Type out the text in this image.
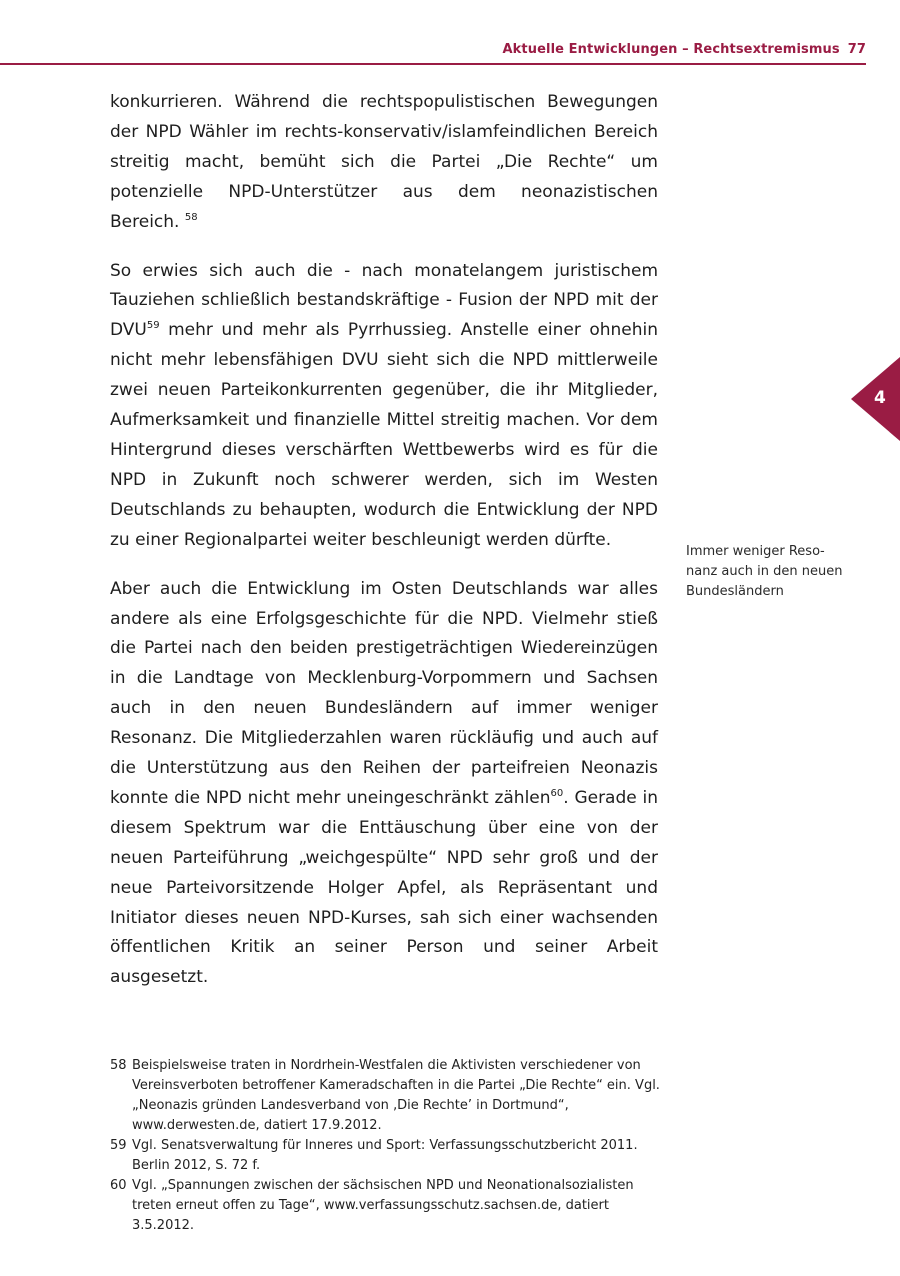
Aktuelle Entwicklungen – Rechtsextremismus 77
4

konkurrieren. Während die rechtspopulistischen Bewegungen der NPD Wähler im rechts-konservativ/islamfeindlichen Bereich streitig macht, bemüht sich die Partei „Die Rechte“ um potenzielle NPD-Unterstützer aus dem neonazistischen Bereich. $^{58}$

So erwies sich auch die - nach monatelangem juristischem Tauziehen schließlich bestandskräftige - Fusion der NPD mit der DVU$^{59}$ mehr und mehr als Pyrrhussieg. Anstelle einer ohnehin nicht mehr lebensfähigen DVU sieht sich die NPD mittlerweile zwei neuen Parteikonkurrenten gegenüber, die ihr Mitglieder, Aufmerksamkeit und finanzielle Mittel streitig machen. Vor dem Hintergrund dieses verschärften Wettbewerbs wird es für die NPD in Zukunft noch schwerer werden, sich im Westen Deutschlands zu behaupten, wodurch die Entwicklung der NPD zu einer Regionalpartei weiter beschleunigt werden dürfte.

Aber auch die Entwicklung im Osten Deutschlands war alles andere als eine Erfolgsgeschichte für die NPD. Vielmehr stieß die Partei nach den beiden prestigeträchtigen Wiedereinzügen in die Landtage von Mecklenburg-Vorpommern und Sachsen auch in den neuen Bundesländern auf immer weniger Resonanz. Die Mitgliederzahlen waren rückläufig und auch auf die Unterstützung aus den Reihen der parteifreien Neonazis konnte die NPD nicht mehr uneingeschränkt zählen$^{60}$. Gerade in diesem Spektrum war die Enttäuschung über eine von der neuen Parteiführung „weichgespülte“ NPD sehr groß und der neue Parteivorsitzende Holger Apfel, als Repräsentant und Initiator dieses neuen NPD-Kurses, sah sich einer wachsenden öffentlichen Kritik an seiner Person und seiner Arbeit ausgesetzt.

Immer weniger Resonanz auch in den neuen Bundesländern

58 Beispielsweise traten in Nordrhein-Westfalen die Aktivisten verschiedener von Vereinsverboten betroffener Kameradschaften in die Partei „Die Rechte“ ein. Vgl. „Neonazis gründen Landesverband von ‚Die Rechte’ in Dortmund“, www.derwesten.de, datiert 17.9.2012.

59 Vgl. Senatsverwaltung für Inneres und Sport: Verfassungsschutzbericht 2011. Berlin 2012, S. 72 f.

60 Vgl. „Spannungen zwischen der sächsischen NPD und Neonationalsozialisten treten erneut offen zu Tage“, www.verfassungsschutz.sachsen.de, datiert 3.5.2012.
